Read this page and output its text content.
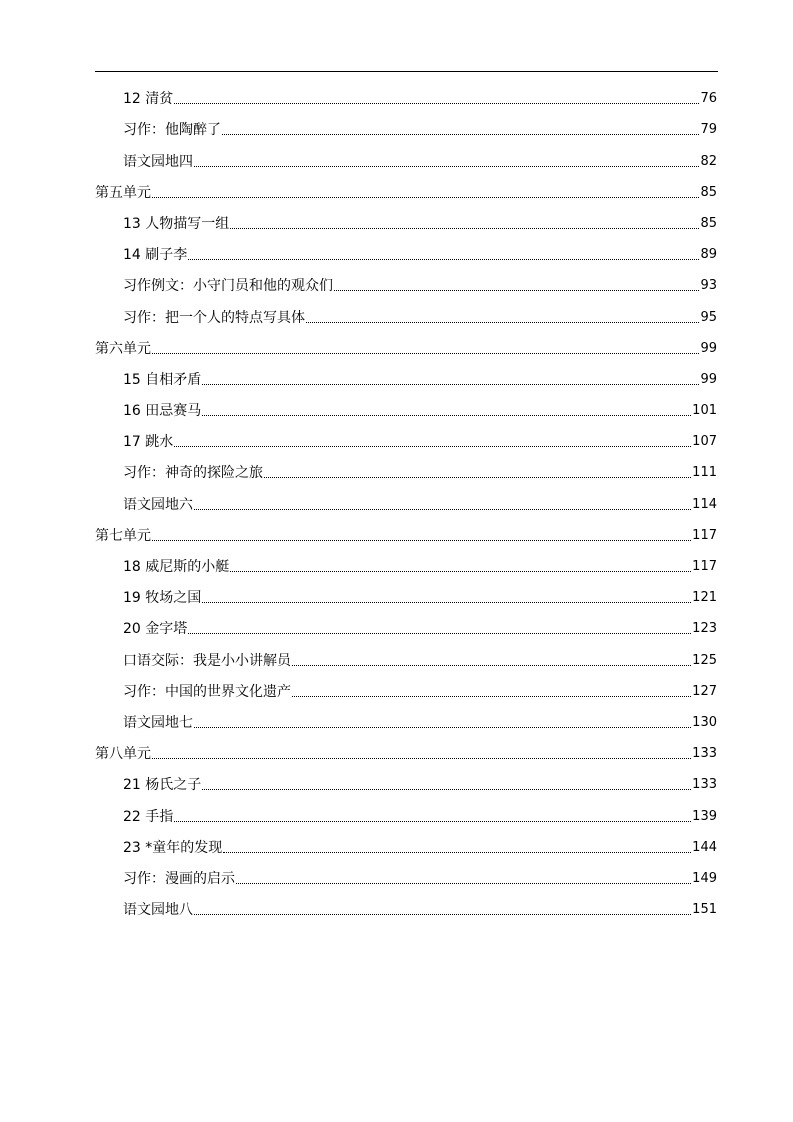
12 清贫	76
习作：他陶醉了	79
语文园地四	82
第五单元	85
13 人物描写一组	85
14 刷子李	89
习作例文：小守门员和他的观众们	93
习作：把一个人的特点写具体	95
第六单元	99
15 自相矛盾	99
16 田忌赛马	101
17 跳水	107
习作：神奇的探险之旅	111
语文园地六	114
第七单元	117
18 威尼斯的小艇	117
19 牧场之国	121
20 金字塔	123
口语交际：我是小小讲解员	125
习作：中国的世界文化遗产	127
语文园地七	130
第八单元	133
21 杨氏之子	133
22 手指	139
23 *童年的发现	144
习作：漫画的启示	149
语文园地八	151
